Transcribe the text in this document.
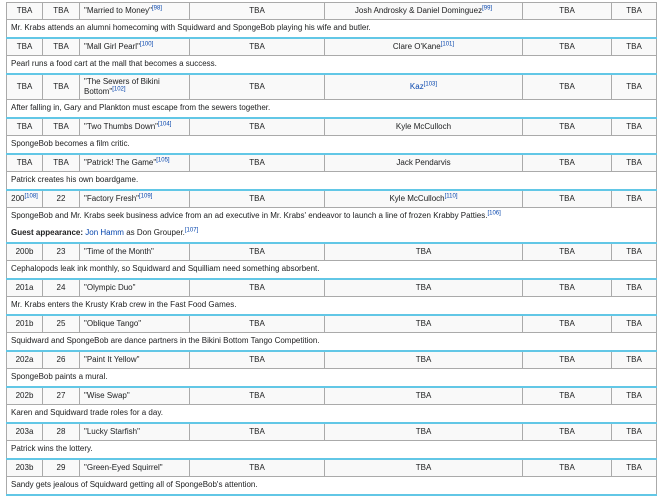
TBA	TBA	"Married to Money"[98]	TBA	Josh Androsky & Daniel Dominguez[99]	TBA	TBA
Mr. Krabs attends an alumni homecoming with Squidward and SpongeBob playing his wife and butler.						
TBA	TBA	"Mall Girl Pearl"[100]	TBA	Clare O'Kane[101]	TBA	TBA
Pearl runs a food cart at the mall that becomes a success.						
TBA	TBA	"The Sewers of Bikini Bottom"[102]	TBA	Kaz[103]	TBA	TBA
After falling in, Gary and Plankton must escape from the sewers together.						
TBA	TBA	"Two Thumbs Down"[104]	TBA	Kyle McCulloch	TBA	TBA
SpongeBob becomes a film critic.						
TBA	TBA	"Patrick! The Game"[105]	TBA	Jack Pendarvis	TBA	TBA
Patrick creates his own boardgame.						
200[108]	22	"Factory Fresh"[109]	TBA	Kyle McCulloch[110]	TBA	TBA
SpongeBob and Mr. Krabs seek business advice from an ad executive in Mr. Krabs' endeavor to launch a line of frozen Krabby Patties.[106]
Guest appearance: Jon Hamm as Don Grouper.[107]

200b	23	"Time of the Month"	TBA	TBA	TBA	TBA
Cephalopods leak ink monthly, so Squidward and Squilliam need something absorbent.						
201a	24	"Olympic Duo"	TBA	TBA	TBA	TBA
Mr. Krabs enters the Krusty Krab crew in the Fast Food Games.						
201b	25	"Oblique Tango"	TBA	TBA	TBA	TBA
Squidward and SpongeBob are dance partners in the Bikini Bottom Tango Competition.						
202a	26	"Paint It Yellow"	TBA	TBA	TBA	TBA
SpongeBob paints a mural.						
202b	27	"Wise Swap"	TBA	TBA	TBA	TBA
Karen and Squidward trade roles for a day.						
203a	28	"Lucky Starfish"	TBA	TBA	TBA	TBA
Patrick wins the lottery.						
203b	29	"Green-Eyed Squirrel"	TBA	TBA	TBA	TBA
Sandy gets jealous of Squidward getting all of SpongeBob's attention.						
